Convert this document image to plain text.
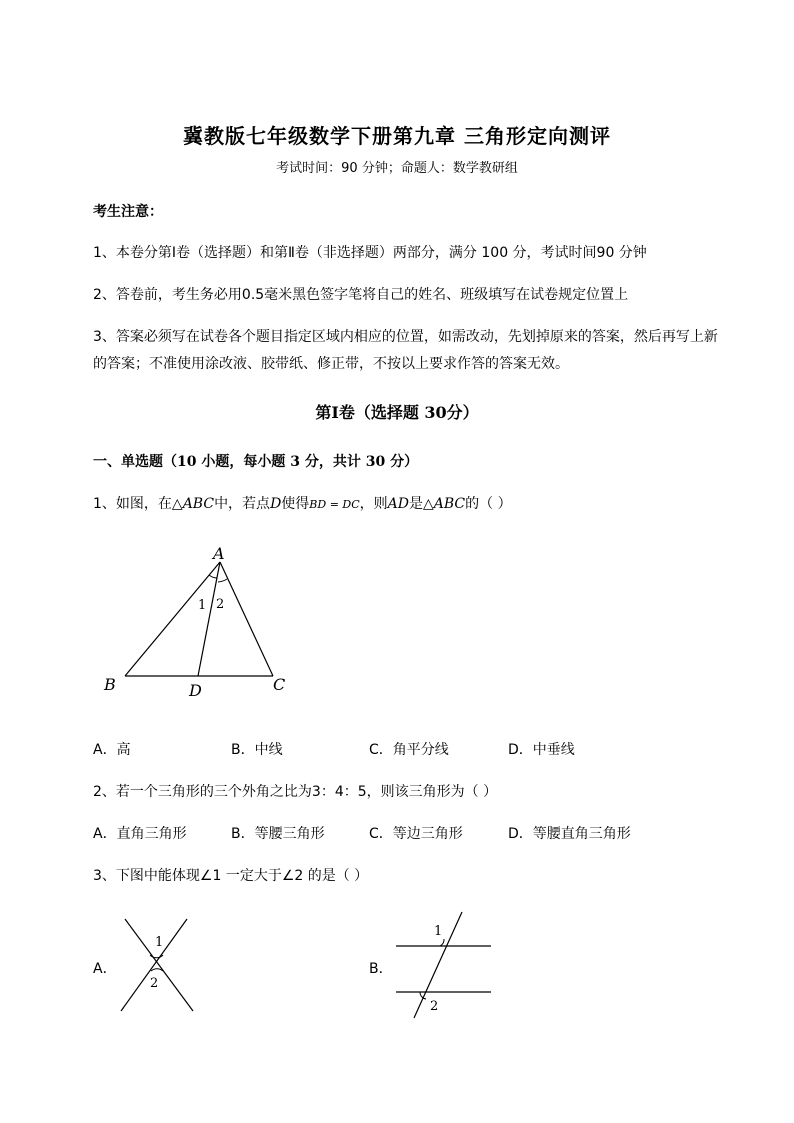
冀教版七年级数学下册第九章 三角形定向测评
考试时间：90 分钟；命题人：数学教研组
考生注意：
1、本卷分第Ⅰ卷（选择题）和第Ⅱ卷（非选择题）两部分，满分 100 分，考试时间90 分钟
2、答卷前，考生务必用0.5毫米黑色签字笔将自己的姓名、班级填写在试卷规定位置上
3、答案必须写在试卷各个题目指定区域内相应的位置，如需改动，先划掉原来的答案，然后再写上新
的答案；不准使用涂改液、胶带纸、修正带，不按以上要求作答的答案无效。
第Ⅰ卷（选择题 30分）
一、单选题（10 小题，每小题 3 分，共计 30 分）
1、如图，在△ABC中，若点D使得BD = DC，则AD是△ABC的（ ）
A
B	C
D
1 2
A．高	B．中线	C．角平分线	D．中垂线
2、若一个三角形的三个外角之比为3：4：5，则该三角形为（ ）
A．直角三角形	B．等腰三角形	C．等边三角形	D．等腰直角三角形
3、下图中能体现∠1 一定大于∠2 的是（ ）
A．
1
2
B．
1
2
